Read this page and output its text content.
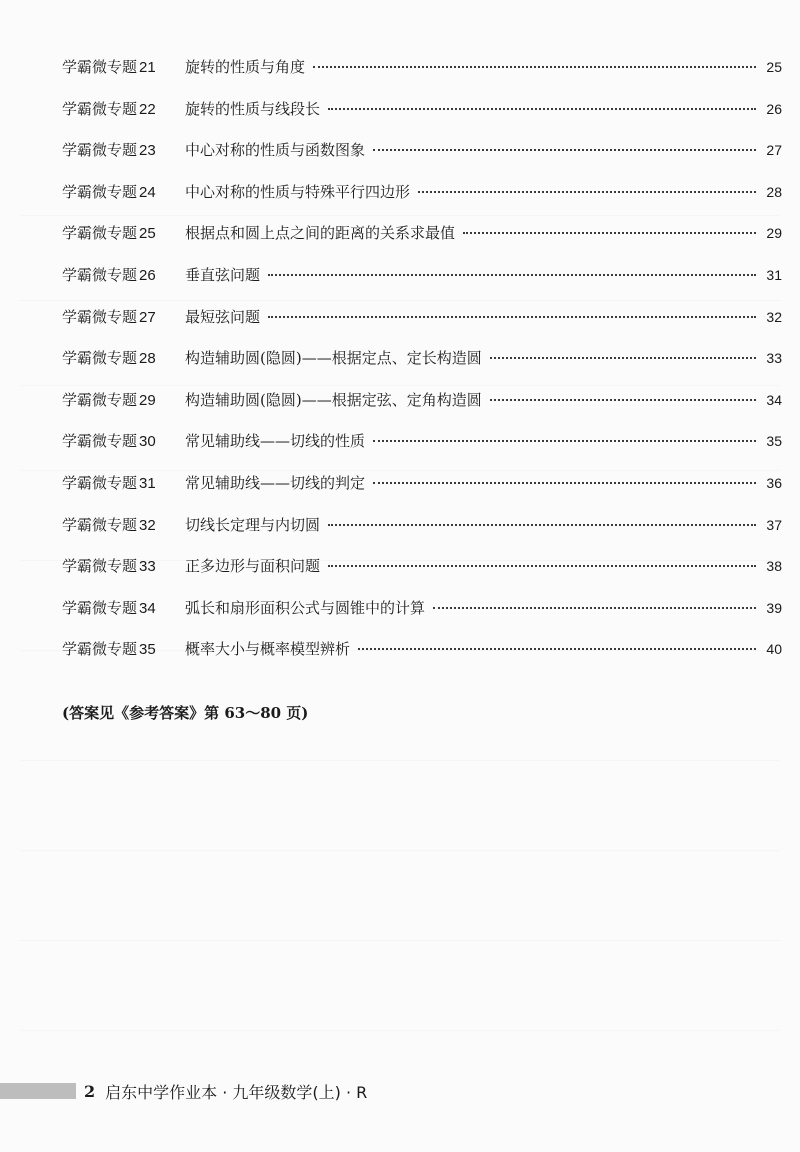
学霸微专题 21	旋转的性质与角度	25
学霸微专题 22	旋转的性质与线段长	26
学霸微专题 23	中心对称的性质与函数图象	27
学霸微专题 24	中心对称的性质与特殊平行四边形	28
学霸微专题 25	根据点和圆上点之间的距离的关系求最值	29
学霸微专题 26	垂直弦问题	31
学霸微专题 27	最短弦问题	32
学霸微专题 28	构造辅助圆(隐圆)——根据定点、定长构造圆	33
学霸微专题 29	构造辅助圆(隐圆)——根据定弦、定角构造圆	34
学霸微专题 30	常见辅助线——切线的性质	35
学霸微专题 31	常见辅助线——切线的判定	36
学霸微专题 32	切线长定理与内切圆	37
学霸微专题 33	正多边形与面积问题	38
学霸微专题 34	弧长和扇形面积公式与圆锥中的计算	39
学霸微专题 35	概率大小与概率模型辨析	40
(答案见《参考答案》第 63～80 页)
2 启东中学作业本 · 九年级数学(上) · R
